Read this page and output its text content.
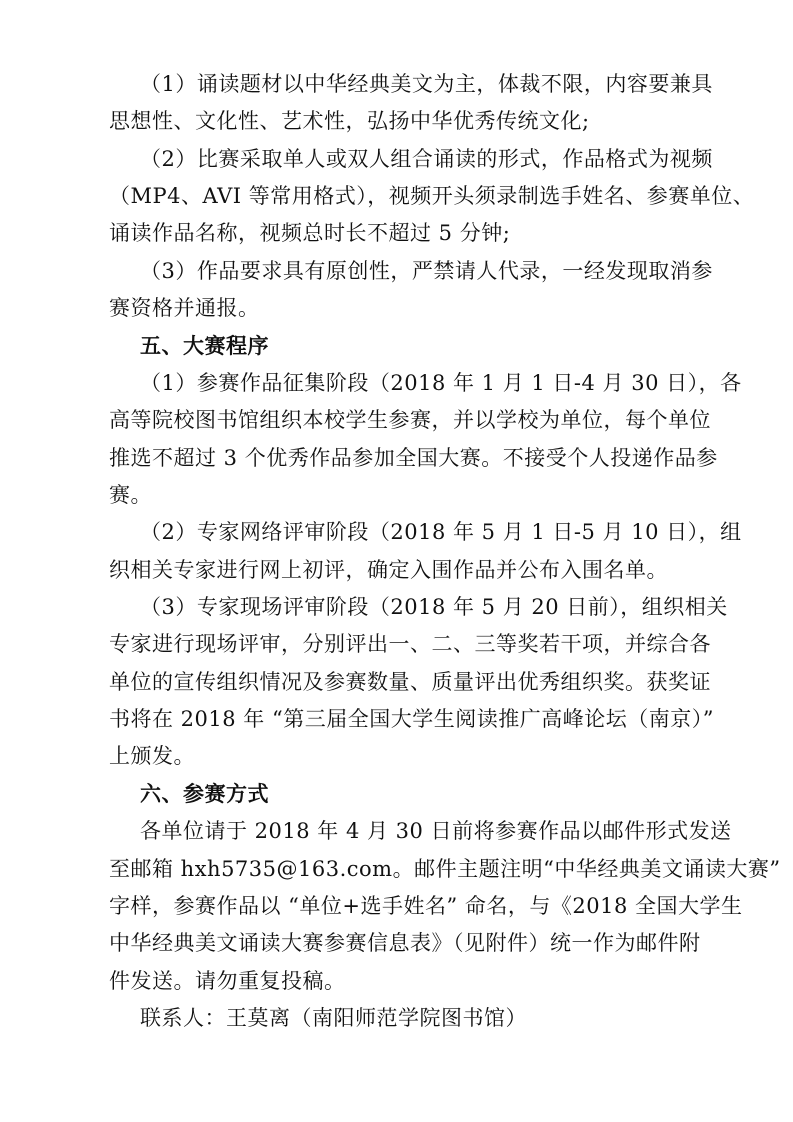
（1）诵读题材以中华经典美文为主，体裁不限，内容要兼具
思想性、文化性、艺术性，弘扬中华优秀传统文化;
（2）比赛采取单人或双人组合诵读的形式，作品格式为视频
（MP4、AVI 等常用格式），视频开头须录制选手姓名、参赛单位、
诵读作品名称，视频总时长不超过 5 分钟;
（3）作品要求具有原创性，严禁请人代录，一经发现取消参
赛资格并通报。
五、大赛程序
（1）参赛作品征集阶段（2018 年 1 月 1 日-4 月 30 日），各
高等院校图书馆组织本校学生参赛，并以学校为单位，每个单位
推选不超过 3 个优秀作品参加全国大赛。不接受个人投递作品参
赛。
（2）专家网络评审阶段（2018 年 5 月 1 日-5 月 10 日），组
织相关专家进行网上初评，确定入围作品并公布入围名单。
（3）专家现场评审阶段（2018 年 5 月 20 日前），组织相关
专家进行现场评审，分别评出一、二、三等奖若干项，并综合各
单位的宣传组织情况及参赛数量、质量评出优秀组织奖。获奖证
书将在 2018 年 “第三届全国大学生阅读推广高峰论坛（南京）”
上颁发。
六、参赛方式
各单位请于 2018 年 4 月 30 日前将参赛作品以邮件形式发送
至邮箱 hxh5735@163.com。邮件主题注明“中华经典美文诵读大赛”
字样，参赛作品以 “单位+选手姓名” 命名，与《2018 全国大学生
中华经典美文诵读大赛参赛信息表》（见附件）统一作为邮件附
件发送。请勿重复投稿。
联系人：王莫离（南阳师范学院图书馆）
